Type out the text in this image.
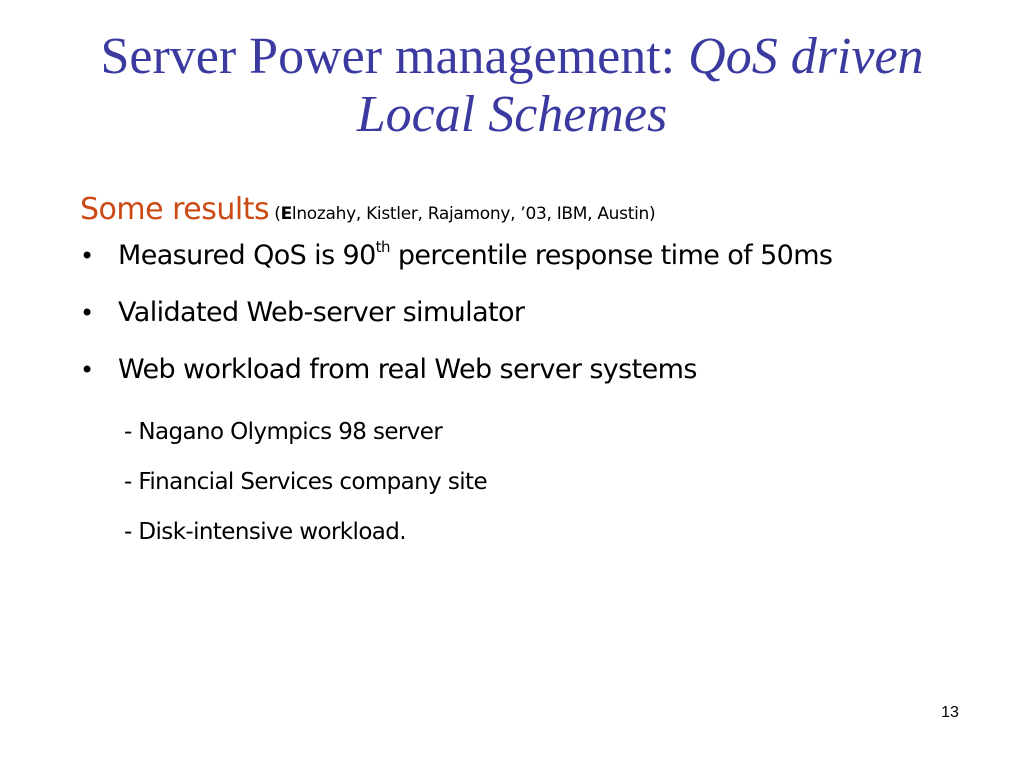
Server Power management: QoS driven
Local Schemes
Some results (Elnozahy, Kistler, Rajamony, ’03, IBM, Austin)
• Measured QoS is 90th percentile response time of 50ms
• Validated Web-server simulator
• Web workload from real Web server systems
- Nagano Olympics 98 server
- Financial Services company site
- Disk-intensive workload.
13
